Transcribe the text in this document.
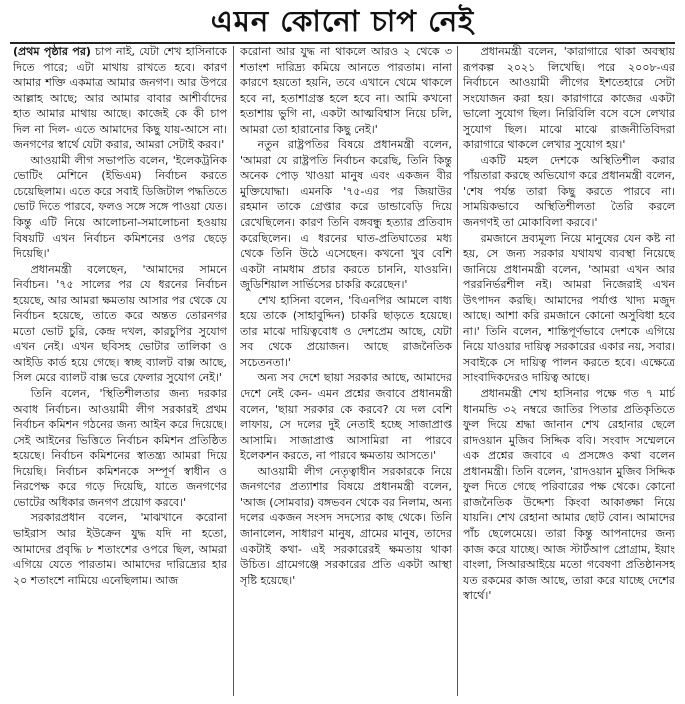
এমন কোনো চাপ নেই

(প্রথম পৃষ্ঠার পর) চাপ নাই, যেটা শেখ হাসিনাকে দিতে পারে; এটা মাথায় রাখতে হবে। কারণ আমার শক্তি একমাত্র আমার জনগণ। আর উপরে আল্লাহ আছে; আর আমার বাবার আশীর্বাদের হাত আমার মাথায় আছে। কাজেই কে কী চাপ দিল না দিল- এতে আমাদের কিছু যায়-আসে না। জনগণের স্বার্থে যেটা করার, আমরা সেটাই করব।'

আওয়ামী লীগ সভাপতি বলেন, 'ইলেকট্রনিক ভোটিং মেশিনে (ইভিএম) নির্বাচন করতে চেয়েছিলাম। এতে করে সবাই ডিজিটাল পদ্ধতিতে ভোট দিতে পারবে, ফলও সঙ্গে সঙ্গে পাওয়া যেত। কিন্তু এটি নিয়ে আলোচনা-সমালোচনা হওয়ায় বিষয়টি এখন নির্বাচন কমিশনের ওপর ছেড়ে দিয়েছি।'

প্রধানমন্ত্রী বলেছেন, 'আমাদের সামনে নির্বাচন। '৭৫ সালের পর যে ধরনের নির্বাচন হয়েছে, আর আমরা ক্ষমতায় আসার পর থেকে যে নির্বাচন হয়েছে, তাতে করে অন্তত তোরনগর মতো ভোট চুরি, কেন্দ্র দখল, কারচুপির সুযোগ এখন নেই। এখন ছবিসহ ভোটার তালিকা ও আইডি কার্ড হয়ে গেছে। স্বচ্ছ ব্যালট বাক্স আছে, সিল মেরে ব্যালট বাক্স ভরে ফেলার সুযোগ নেই।'

তিনি বলেন, 'স্থিতিশীলতার জন্য দরকার অবাধ নির্বাচন। আওয়ামী লীগ সরকারই প্রথম নির্বাচন কমিশন গঠনের জন্য আইন করে দিয়েছে। সেই আইনের ভিত্তিতে নির্বাচন কমিশন প্রতিষ্ঠিত হয়েছে। নির্বাচন কমিশনের স্বাতন্ত্র্য আমরা দিয়ে দিয়েছি। নির্বাচন কমিশনকে সম্পূর্ণ স্বাধীন ও নিরপেক্ষ করে গড়ে দিয়েছি, যাতে জনগণের ভোটের অধিকার জনগণ প্রয়োগ করবে।'

সরকারপ্রধান বলেন, 'মাঝখানে করোনা ভাইরাস আর ইউক্রেন যুদ্ধ যদি না হতো, আমাদের প্রবৃদ্ধি ৮ শতাংশের ওপরে ছিল, আমরা এগিয়ে যেতে পারতাম। আমাদের দারিদ্র্যের হার ২০ শতাংশে নামিয়ে এনেছিলাম। আজ

করোনা আর যুদ্ধ না থাকলে আরও ২ থেকে ৩ শতাংশ দারিদ্র্য কমিয়ে আনতে পারতাম। নানা কারণে হয়তো হয়নি, তবে এখানে থেমে থাকলে হবে না, হতাশাগ্রস্ত হলে হবে না। আমি কখনো হতাশায় ভুগি না, একটা আত্মবিশ্বাস নিয়ে চলি, আমরা তো হারানোর কিছু নেই।'

নতুন রাষ্ট্রপতির বিষয়ে প্রধানমন্ত্রী বলেন, 'আমরা যে রাষ্ট্রপতি নির্বাচন করেছি, তিনি কিন্তু অনেক পোড় খাওয়া মানুষ এবং একজন বীর মুক্তিযোদ্ধা। এমনকি '৭৫-এর পর জিয়াউর রহমান তাকে গ্রেপ্তার করে ডান্ডাবেড়ি দিয়ে রেখেছিলেন। কারণ তিনি বঙ্গবন্ধু হত্যার প্রতিবাদ করেছিলেন। এ ধরনের ঘাত-প্রতিঘাতের মধ্য থেকে তিনি উঠে এসেছেন। কখনো খুব বেশি একটা নামধাম প্রচার করতে চাননি, যাওয়নি। জুডিশিয়াল সার্ভিসের চাকরি করেছেন।'

শেখ হাসিনা বলেন, 'বিএনপির আমলে বাধ্য হয়ে তাকে (সাহাবুদ্দিন) চাকরি ছাড়তে হয়েছে। তার মাঝে দায়িত্ববোধ ও দেশপ্রেম আছে, যেটা সব থেকে প্রয়োজন। আছে রাজনৈতিক সচেতনতা।'

অন্য সব দেশে ছায়া সরকার আছে, আমাদের দেশে নেই কেন- এমন প্রশ্নের জবাবে প্রধানমন্ত্রী বলেন, 'ছায়া সরকার কে করবে? যে দল বেশি লাফায়, সে দলের দুই নেতাই হচ্ছে সাজাপ্রাপ্ত আসামি। সাজাপ্রাপ্ত আসামিরা না পারবে ইলেকশন করতে, না পারবে ক্ষমতায় আসতে।'

আওয়ামী লীগ নেতৃত্বাধীন সরকারকে নিয়ে জনগণের প্রত্যাশার বিষয়ে প্রধানমন্ত্রী বলেন, 'আজ (সোমবার) বঙ্গভবন থেকে বর নিলাম, অন্য দলের একজন সংসদ সদস্যের কাছ থেকে। তিনি জানালেন, সাধারণ মানুষ, গ্রামের মানুষ, তাদের একটাই কথা- এই সরকারেরই ক্ষমতায় থাকা উচিত। গ্রামেগঞ্জে সরকারের প্রতি একটা আস্থা সৃষ্টি হয়েছে।'

প্রধানমন্ত্রী বলেন, 'কারাগারে থাকা অবস্থায় রূপকল্প ২০২১ লিখেছি। পরে ২০০৮-এর নির্বাচনে আওয়ামী লীগের ইশতেহারে সেটা সংযোজন করা হয়। কারাগারে কাজের একটা ভালো সুযোগ ছিল। নিরিবিলি বসে বসে লেখার সুযোগ ছিল। মাঝে মাঝে রাজনীতিবিদরা কারাগারে থাকলে লেখার সুযোগ হয়।'

একটি মহল দেশকে অস্থিতিশীল করার পাঁয়তারা করছে অভিযোগ করে প্রধানমন্ত্রী বলেন, 'শেষ পর্যন্ত তারা কিছু করতে পারবে না। সাময়িকভাবে অস্থিতিশীলতা তৈরি করলে জনগণই তা মোকাবিলা করবে।'

রমজানে দ্রব্যমূল্য নিয়ে মানুষের যেন কষ্ট না হয়, সে জন্য সরকার যথাযথ ব্যবস্থা নিয়েছে জানিয়ে প্রধানমন্ত্রী বলেন, 'আমরা এখন আর পররনির্ভরশীল নই। আমরা নিজেরাই এখন উৎপাদন করছি। আমাদের পর্যাপ্ত খাদ্য মজুদ আছে। আশা করি রমজানে কোনো অসুবিধা হবে না।' তিনি বলেন, শান্তিপূর্ণভাবে দেশকে এগিয়ে নিয়ে যাওয়ার দায়িত্ব সরকারের একার নয়, সবার। সবাইকে সে দায়িত্ব পালন করতে হবে। এক্ষেত্রে সাংবাদিকদেরও দায়িত্ব আছে।

প্রধানমন্ত্রী শেখ হাসিনার পক্ষে গত ৭ মার্চ ধানমন্ডি ৩২ নম্বরে জাতির পিতার প্রতিকৃতিতে ফুল দিয়ে শ্রদ্ধা জানান শেখ রেহানার ছেলে রাদওয়ান মুজিব সিদ্দিক ববি। সংবাদ সম্মেলনে এক প্রশ্নের জবাবে এ প্রসঙ্গেও কথা বলেন প্রধানমন্ত্রী। তিনি বলেন, 'রাদওয়ান মুজিব সিদ্দিক ফুল দিতে গেছে পরিবারের পক্ষ থেকে। কোনো রাজনৈতিক উদ্দেশ্য কিংবা আকাঙ্ক্ষা নিয়ে যায়নি। শেখ রেহানা আমার ছোট বোন। আমাদের পাঁচ ছেলেমেয়ে। তারা কিন্তু আপনাদের জন্য কাজ করে যাচ্ছে। আজ স্টার্টআপ প্রোগ্রাম, ইয়াং বাংলা, সিআরআইয়ে মতো গবেষণা প্রতিষ্ঠানসহ যত রকমের কাজ আছে, তারা করে যাচ্ছে দেশের স্বার্থে।'
